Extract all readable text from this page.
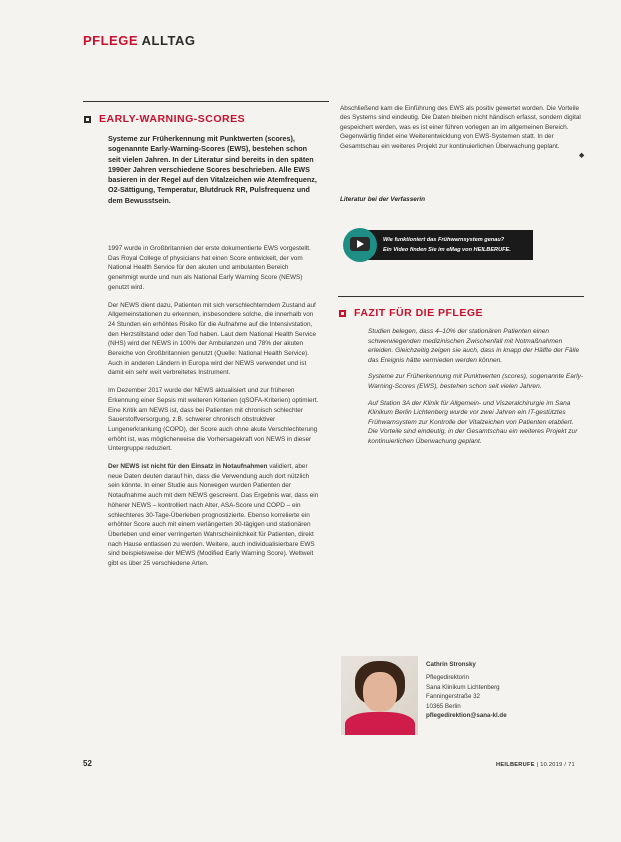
PFLEGE ALLTAG
EARLY-WARNING-SCORES
Systeme zur Früherkennung mit Punktwerten (scores), sogenannte Early-Warning-Scores (EWS), bestehen schon seit vielen Jahren. In der Literatur sind bereits in den späten 1990er Jahren verschiedene Scores beschrieben. Alle EWS basieren in der Regel auf den Vitalzeichen wie Atemfrequenz, O2-Sättigung, Temperatur, Blutdruck RR, Pulsfrequenz und dem Bewusstsein.

1997 wurde in Großbritannien der erste dokumentierte EWS vorgestellt. Das Royal College of physicians hat einen Score entwickelt, der vom National Health Service für den akuten und ambulanten Bereich genehmigt wurde und nun als National Early Warning Score (NEWS) genutzt wird.

Der NEWS dient dazu, Patienten mit sich verschlechterndem Zustand auf Allgemeinstationen zu erkennen, insbesondere solche, die innerhalb von 24 Stunden ein erhöhtes Risiko für die Aufnahme auf die Intensivstation, den Herzstillstand oder den Tod haben. Laut dem National Health Service (NHS) wird der NEWS in 100% der Ambulanzen und 78% der akuten Bereiche von Großbritannien genutzt (Quelle: National Health Service). Auch in anderen Ländern in Europa wird der NEWS verwendet und ist damit ein sehr weit verbreitetes Instrument.

Im Dezember 2017 wurde der NEWS aktualisiert und zur früheren Erkennung einer Sepsis mit weiteren Kriterien (qSOFA-Kriterien) optimiert. Eine Kritik am NEWS ist, dass bei Patienten mit chronisch schlechter Sauerstoffversorgung, z.B. schwerer chronisch obstruktiver Lungenerkrankung (COPD), der Score auch ohne akute Verschlechterung erhöht ist, was möglicherweise die Vorhersagekraft von NEWS in dieser Untergruppe reduziert.

Der NEWS ist nicht für den Einsatz in Notaufnahmen validiert, aber neue Daten deuten darauf hin, dass die Verwendung auch dort nützlich sein könnte. In einer Studie aus Norwegen wurden Patienten der Notaufnahme auch mit dem NEWS gescreent. Das Ergebnis war, dass ein höherer NEWS – kontrolliert nach Alter, ASA-Score und COPD – ein schlechteres 30-Tage-Überleben prognostizierte. Ebenso korrelierte ein erhöhter Score auch mit einem verlängerten 30-tägigen und stationären Überleben und einer verringerten Wahrscheinlichkeit für Patienten, direkt nach Hause entlassen zu werden. Weitere, auch individualisierbare EWS sind beispielsweise der MEWS (Modified Early Warning Score). Weltweit gibt es über 25 verschiedene Arten.

Abschließend kam die Einführung des EWS als positiv gewertet worden. Die Vorteile des Systems sind eindeutig. Die Daten bleiben nicht händisch erfasst, sondern digital gespeichert werden, was es ist einer führen vorlegen an im allgemeinen Bereich. Gegenwärtig findet eine Weiterentwicklung von EWS-Systemen statt. In der Gesamtschau ein weiteres Projekt zur kontinuierlichen Überwachung geplant.
◆
Literatur bei der Verfasserin
Wie funktioniert das Frühwarnsystem genau?
Ein Video finden Sie im eMag von HEILBERUFE.
FAZIT FÜR DIE PFLEGE

Studien belegen, dass 4–10% der stationären Patienten einen schwerwiegenden medizinischen Zwischenfall mit Notmaßnahmen erleiden. Gleichzeitig zeigen sie auch, dass in knapp der Hälfte der Fälle das Ereignis hätte vermieden werden können.

Systeme zur Früherkennung mit Punktwerten (scores), sogenannte Early-Warning-Scores (EWS), bestehen schon seit vielen Jahren.

Auf Station 3A der Klinik für Allgemein- und Viszeralchirurgie im Sana Klinikum Berlin Lichtenberg wurde vor zwei Jahren ein IT-gestütztes Frühwarnsystem zur Kontrolle der Vitalzeichen von Patienten etabliert. Die Vorteile sind eindeutig, in der Gesamtschau ein weiteres Projekt zur kontinuierlichen Überwachung geplant.

Cathrin Stronsky
Pflegedirektorin
Sana Klinikum Lichtenberg
Fanningerstraße 32
10365 Berlin
pflegedirektion@sana-kl.de
52	HEILBERUFE | 10.2019 / 71
